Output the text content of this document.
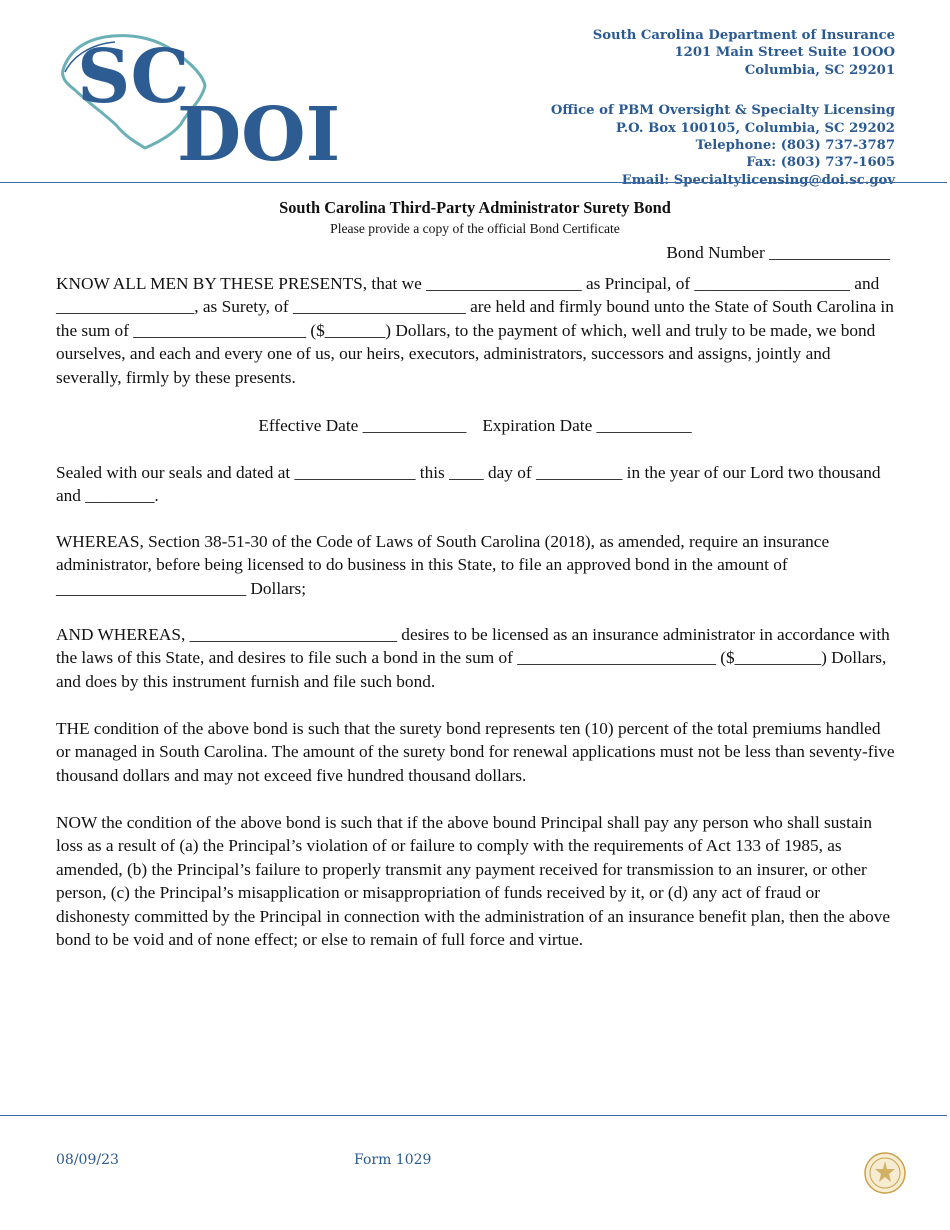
SC
DOI
South Carolina Department of Insurance
1201 Main Street Suite 1OOO
Columbia, SC 29201
Office of PBM Oversight & Specialty Licensing
P.O. Box 100105, Columbia, SC 29202
Telephone: (803) 737-3787
Fax: (803) 737-1605
Email: Specialtylicensing@doi.sc.gov
South Carolina Third-Party Administrator Surety Bond
Please provide a copy of the official Bond Certificate
Bond Number ______________

KNOW ALL MEN BY THESE PRESENTS, that we __________________ as Principal, of __________________ and ________________, as Surety, of ____________________ are held and firmly bound unto the State of South Carolina in the sum of ____________________ ($_______) Dollars, to the payment of which, well and truly to be made, we bond ourselves, and each and every one of us, our heirs, executors, administrators, successors and assigns, jointly and severally, firmly by these presents.

Effective Date ____________ Expiration Date ___________

Sealed with our seals and dated at ______________ this ____ day of __________ in the year of our Lord two thousand and ________.

WHEREAS, Section 38-51-30 of the Code of Laws of South Carolina (2018), as amended, require an insurance administrator, before being licensed to do business in this State, to file an approved bond in the amount of ______________________ Dollars;

AND WHEREAS, ________________________ desires to be licensed as an insurance administrator in accordance with the laws of this State, and desires to file such a bond in the sum of _______________________ ($__________) Dollars, and does by this instrument furnish and file such bond.

THE condition of the above bond is such that the surety bond represents ten (10) percent of the total premiums handled or managed in South Carolina. The amount of the surety bond for renewal applications must not be less than seventy-five thousand dollars and may not exceed five hundred thousand dollars.

NOW the condition of the above bond is such that if the above bound Principal shall pay any person who shall sustain loss as a result of (a) the Principal’s violation of or failure to comply with the requirements of Act 133 of 1985, as amended, (b) the Principal’s failure to properly transmit any payment received for transmission to an insurer, or other person, (c) the Principal’s misapplication or misappropriation of funds received by it, or (d) any act of fraud or dishonesty committed by the Principal in connection with the administration of an insurance benefit plan, then the above bond to be void and of none effect; or else to remain of full force and virtue.

08/09/23	Form 1029
